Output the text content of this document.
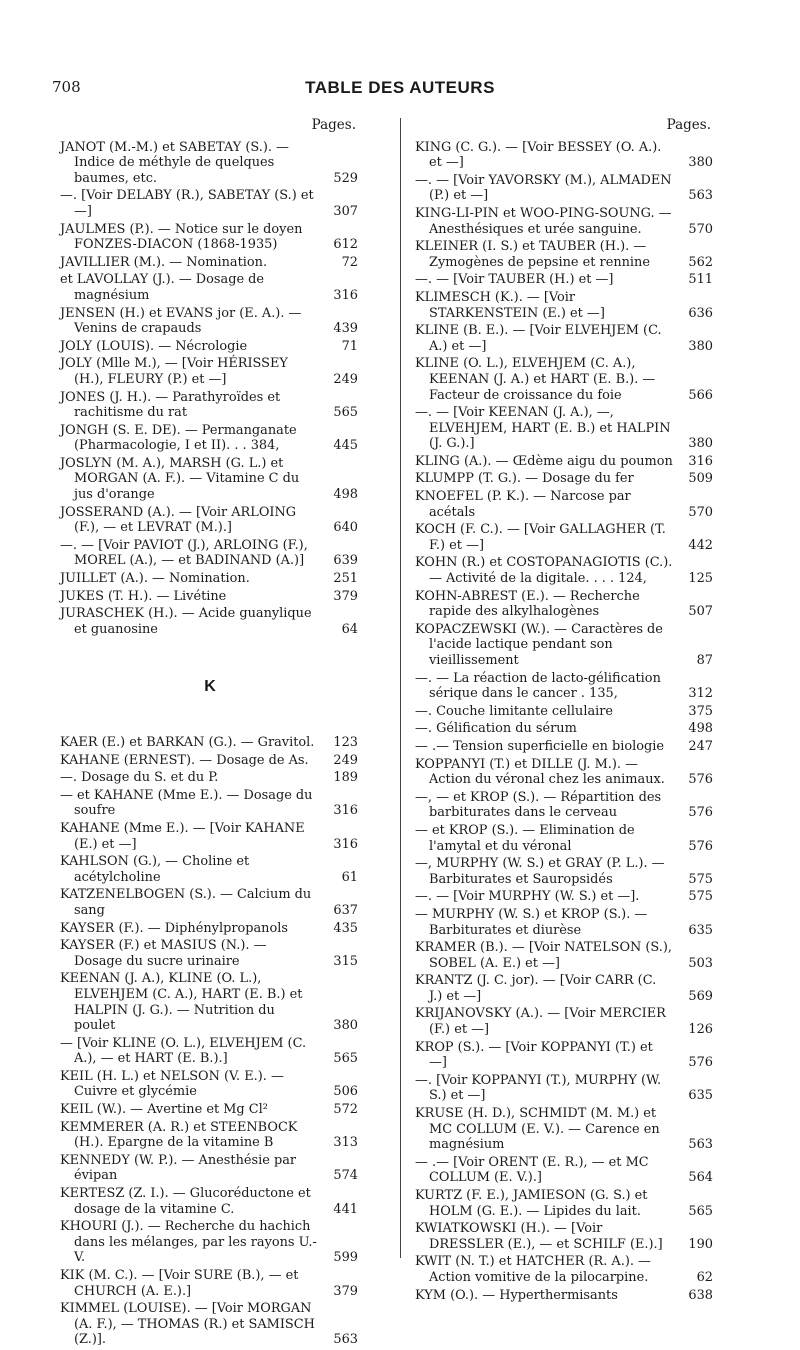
708	TABLE DES AUTEURS
Pages.
JANOT (M.-M.) et SABETAY (S.). — Indice de méthyle de quelques baumes, etc.	529
—. [Voir DELABY (R.), SABETAY (S.) et —]	307
JAULMES (P.). — Notice sur le doyen FONZES-DIACON (1868-1935)	612
JAVILLIER (M.). — Nomination.	72
et LAVOLLAY (J.). — Dosage de magnésium	316
JENSEN (H.) et EVANS jor (E. A.). — Venins de crapauds	439
JOLY (LOUIS). — Nécrologie	71
JOLY (Mlle M.), — [Voir HÉRISSEY (H.), FLEURY (P.) et —]	249
JONES (J. H.). — Parathyroïdes et rachitisme du rat	565
JONGH (S. E. DE). — Permanganate (Pharmacologie, I et II). . . 384,	445
JOSLYN (M. A.), MARSH (G. L.) et MORGAN (A. F.). — Vitamine C du jus d'orange	498
JOSSERAND (A.). — [Voir ARLOING (F.), — et LEVRAT (M.).]	640
—. — [Voir PAVIOT (J.), ARLOING (F.), MOREL (A.), — et BADINAND (A.)] 639
JUILLET (A.). — Nomination.	251
JUKES (T. H.). — Livétine	379
JURASCHEK (H.). — Acide guanylique et guanosine	64
K
KAER (E.) et BARKAN (G.). — Gravitol. 123
KAHANE (ERNEST). — Dosage de As. 249
—. Dosage du S. et du P.	189
— et KAHANE (Mme E.). — Dosage du soufre	316
KAHANE (Mme E.). — [Voir KAHANE (E.) et —]	316
KAHLSON (G.), — Choline et acétylcholine	61
KATZENELBOGEN (S.). — Calcium du sang	637
KAYSER (F.). — Diphénylpropanols	435
KAYSER (F.) et MASIUS (N.). — Dosage du sucre urinaire	315
KEENAN (J. A.), KLINE (O. L.), ELVEHJEM (C. A.), HART (E. B.) et HALPIN (J. G.). — Nutrition du poulet	380
— [Voir KLINE (O. L.), ELVEHJEM (C. A.), — et HART (E. B.).]	565
KEIL (H. L.) et NELSON (V. E.). — Cuivre et glycémie	506
KEIL (W.). — Avertine et Mg Cl²	572
KEMMERER (A. R.) et STEENBOCK (H.). Epargne de la vitamine B	313
KENNEDY (W. P.). — Anesthésie par évipan	574
KERTESZ (Z. I.). — Glucoréductone et dosage de la vitamine C.	441
KHOURI (J.). — Recherche du hachich dans les mélanges, par les rayons U.-V.	599
KIK (M. C.). — [Voir SURE (B.), — et CHURCH (A. E.).]	379
KIMMEL (LOUISE). — [Voir MORGAN (A. F.), — THOMAS (R.) et SAMISCH (Z.)].	563
Pages.
KING (C. G.). — [Voir BESSEY (O. A.). et —]	380
—. — [Voir YAVORSKY (M.), ALMADEN (P.) et —]	563
KING-LI-PIN et WOO-PING-SOUNG. — Anesthésiques et urée sanguine.	570
KLEINER (I. S.) et TAUBER (H.). — Zymogènes de pepsine et rennine	562
—. — [Voir TAUBER (H.) et —]	511
KLIMESCH (K.). — [Voir STARKENSTEIN (E.) et —]	636
KLINE (B. E.). — [Voir ELVEHJEM (C. A.) et —]	380
KLINE (O. L.), ELVEHJEM (C. A.), KEENAN (J. A.) et HART (E. B.). — Facteur de croissance du foie	566
—. — [Voir KEENAN (J. A.), —, ELVEHJEM, HART (E. B.) et HALPIN (J. G.).]	380
KLING (A.). — Œdème aigu du poumon 316
KLUMPP (T. G.). — Dosage du fer	509
KNOEFEL (P. K.). — Narcose par acétals	570
KOCH (F. C.). — [Voir GALLAGHER (T. F.) et —]	442
KOHN (R.) et COSTOPANAGIOTIS (C.). — Activité de la digitale. . . . 124,	125
KOHN-ABREST (E.). — Recherche rapide des alkylhalogènes	507
KOPACZEWSKI (W.). — Caractères de l'acide lactique pendant son vieillissement	87
—. — La réaction de lacto-gélification sérique dans le cancer . 135,	312
—. Couche limitante cellulaire	375
—. Gélification du sérum	498
— .— Tension superficielle en biologie 247
KOPPANYI (T.) et DILLE (J. M.). — Action du véronal chez les animaux. 576
—, — et KROP (S.). — Répartition des barbiturates dans le cerveau	576
— et KROP (S.). — Elimination de l'amytal et du véronal	576
—, MURPHY (W. S.) et GRAY (P. L.). — Barbiturates et Sauropsidés	575
—. — [Voir MURPHY (W. S.) et —].	575
— MURPHY (W. S.) et KROP (S.). — Barbiturates et diurèse	635
KRAMER (B.). — [Voir NATELSON (S.), SOBEL (A. E.) et —]	503
KRANTZ (J. C. jor). — [Voir CARR (C. J.) et —]	569
KRIJANOVSKY (A.). — [Voir MERCIER (F.) et —]	126
KROP (S.). — [Voir KOPPANYI (T.) et —]	576
—. [Voir KOPPANYI (T.), MURPHY (W. S.) et —]	635
KRUSE (H. D.), SCHMIDT (M. M.) et MC COLLUM (E. V.). — Carence en magnésium	563
— .— [Voir ORENT (E. R.), — et MC COLLUM (E. V.).]	564
KURTZ (F. E.), JAMIESON (G. S.) et HOLM (G. E.). — Lipides du lait.	565
KWIATKOWSKI (H.). — [Voir DRESSLER (E.), — et SCHILF (E.).] 190
KWIT (N. T.) et HATCHER (R. A.). — Action vomitive de la pilocarpine.	62
KYM (O.). — Hyperthermisants	638
